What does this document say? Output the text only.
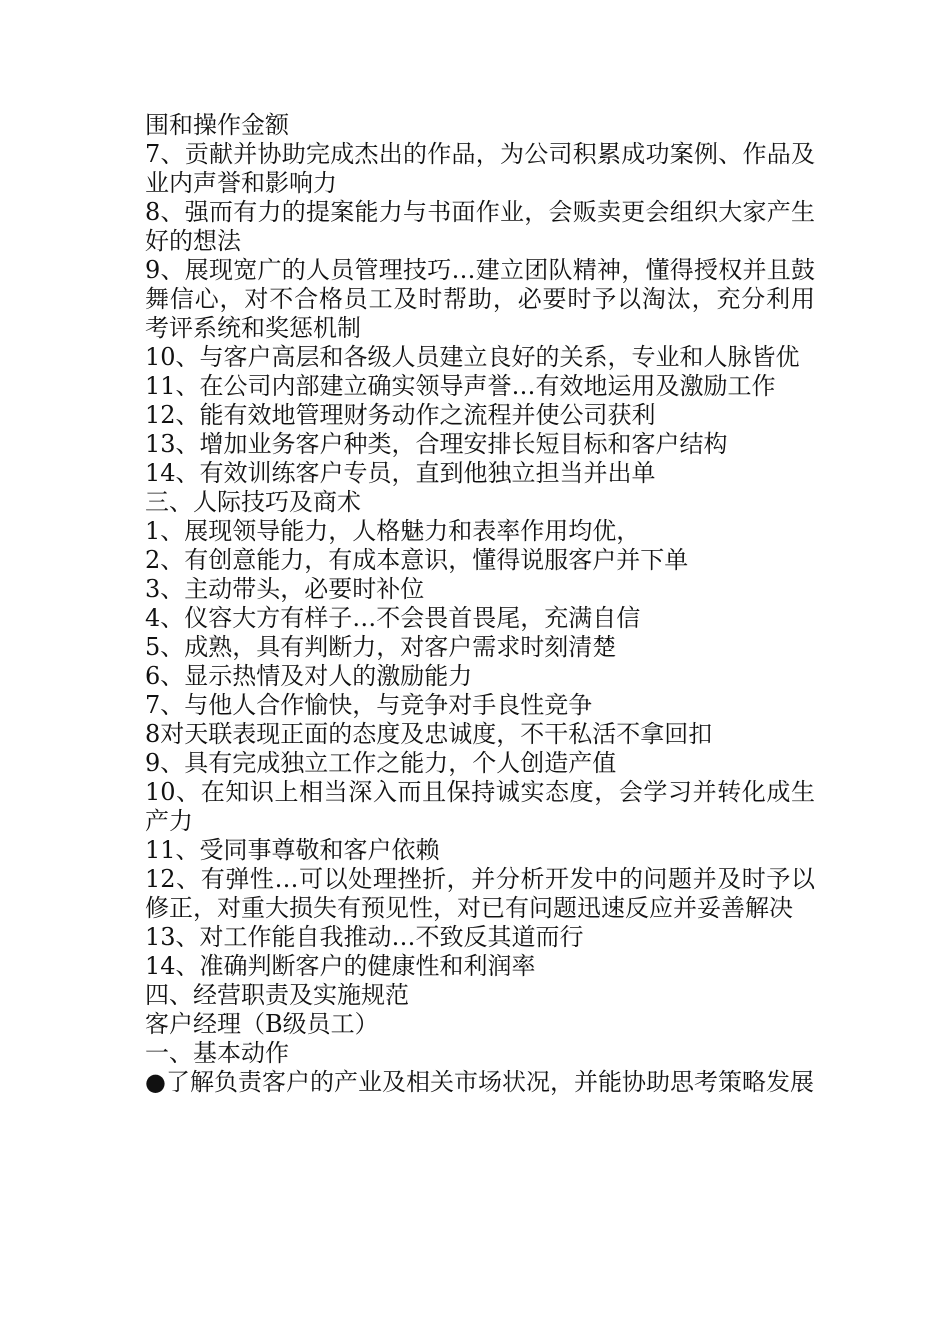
围和操作金额

7、贡献并协助完成杰出的作品，为公司积累成功案例、作品及业内声誉和影响力

8、强而有力的提案能力与书面作业，会贩卖更会组织大家产生好的想法

9、展现宽广的人员管理技巧…建立团队精神，懂得授权并且鼓舞信心，对不合格员工及时帮助，必要时予以淘汰，充分利用考评系统和奖惩机制

10、与客户高层和各级人员建立良好的关系，专业和人脉皆优

11、在公司内部建立确实领导声誉…有效地运用及激励工作

12、能有效地管理财务动作之流程并使公司获利

13、增加业务客户种类，合理安排长短目标和客户结构

14、有效训练客户专员，直到他独立担当并出单

三、人际技巧及商术

1、展现领导能力，人格魅力和表率作用均优，

2、有创意能力，有成本意识，懂得说服客户并下单

3、主动带头，必要时补位

4、仪容大方有样子…不会畏首畏尾，充满自信

5、成熟，具有判断力，对客户需求时刻清楚

6、显示热情及对人的激励能力

7、与他人合作愉快，与竞争对手良性竞争

8对天联表现正面的态度及忠诚度，不干私活不拿回扣

9、具有完成独立工作之能力，个人创造产值

10、在知识上相当深入而且保持诚实态度，会学习并转化成生产力

11、受同事尊敬和客户依赖

12、有弹性…可以处理挫折，并分析开发中的问题并及时予以修正，对重大损失有预见性，对已有问题迅速反应并妥善解决

13、对工作能自我推动…不致反其道而行

14、准确判断客户的健康性和利润率

四、经营职责及实施规范

客户经理（B级员工）

一、基本动作

●了解负责客户的产业及相关市场状况，并能协助思考策略发展
